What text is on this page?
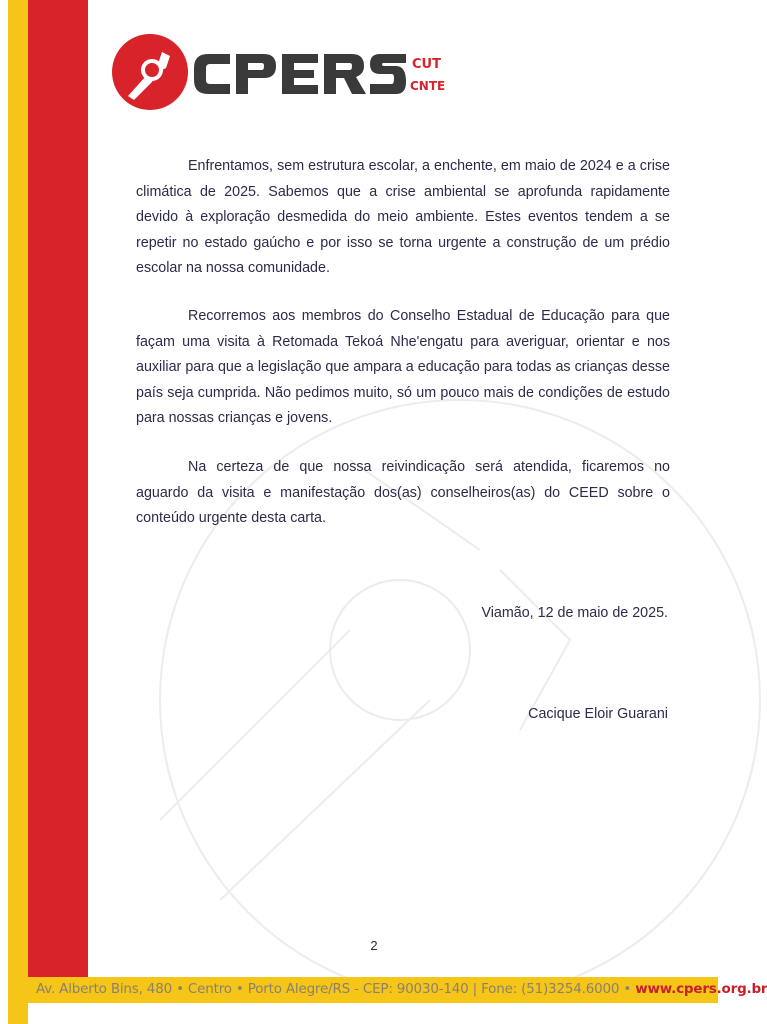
CUT
CNTE

Enfrentamos, sem estrutura escolar, a enchente, em maio de 2024 e a crise climática de 2025. Sabemos que a crise ambiental se aprofunda rapidamente devido à exploração desmedida do meio ambiente. Estes eventos tendem a se repetir no estado gaúcho e por isso se torna urgente a construção de um prédio escolar na nossa comunidade.

Recorremos aos membros do Conselho Estadual de Educação para que façam uma visita à Retomada Tekoá Nhe'engatu para averiguar, orientar e nos auxiliar para que a legislação que ampara a educação para todas as crianças desse país seja cumprida. Não pedimos muito, só um pouco mais de condições de estudo para nossas crianças e jovens.

Na certeza de que nossa reivindicação será atendida, ficaremos no aguardo da visita e manifestação dos(as) conselheiros(as) do CEED sobre o conteúdo urgente desta carta.

Viamão, 12 de maio de 2025.
Cacique Eloir Guarani
2
Av. Alberto Bins, 480 • Centro • Porto Alegre/RS - CEP: 90030-140 | Fone: (51)3254.6000 • www.cpers.org.br
